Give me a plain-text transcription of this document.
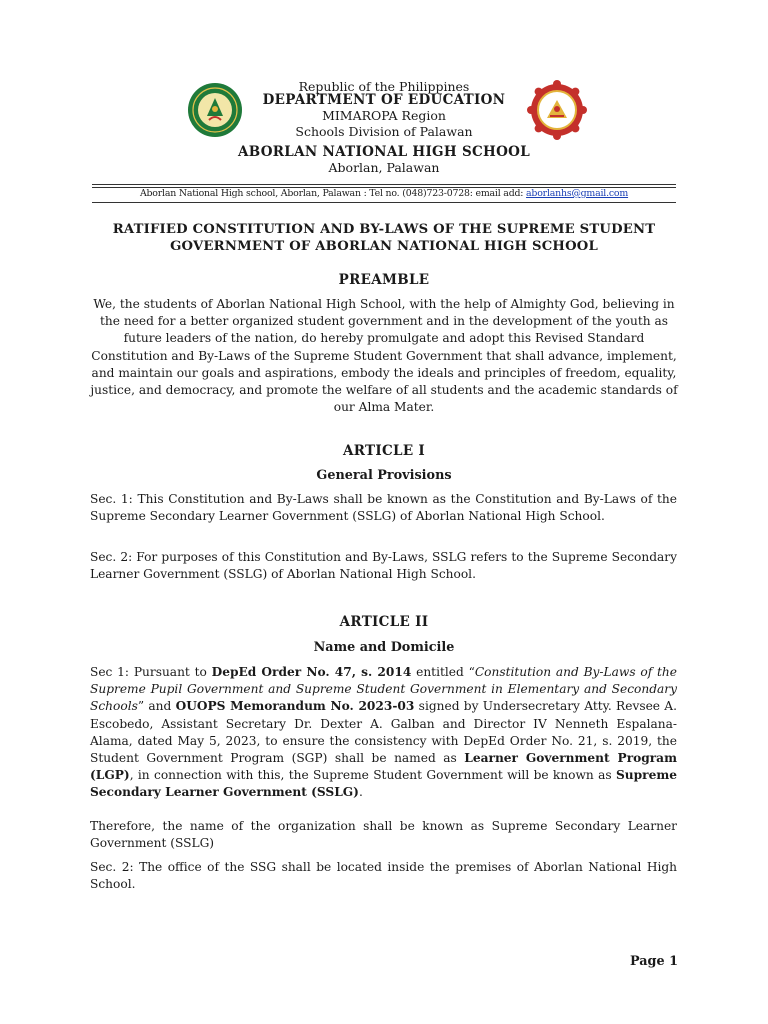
Republic of the Philippines
DEPARTMENT OF EDUCATION
MIMAROPA Region
Schools Division of Palawan
ABORLAN NATIONAL HIGH SCHOOL
Aborlan, Palawan
Aborlan National High school, Aborlan, Palawan : Tel no. (048)723-0728: email add: aborlanhs@gmail.com
RATIFIED CONSTITUTION AND BY-LAWS OF THE SUPREME STUDENT GOVERNMENT OF ABORLAN NATIONAL HIGH SCHOOL
PREAMBLE
We, the students of Aborlan National High School, with the help of Almighty God, believing in the need for a better organized student government and in the development of the youth as future leaders of the nation, do hereby promulgate and adopt this Revised Standard Constitution and By-Laws of the Supreme Student Government that shall advance, implement, and maintain our goals and aspirations, embody the ideals and principles of freedom, equality, justice, and democracy, and promote the welfare of all students and the academic standards of our Alma Mater.
ARTICLE I
General Provisions
Sec. 1: This Constitution and By-Laws shall be known as the Constitution and By-Laws of the Supreme Secondary Learner Government (SSLG) of Aborlan National High School.
Sec. 2: For purposes of this Constitution and By-Laws, SSLG refers to the Supreme Secondary Learner Government (SSLG) of Aborlan National High School.
ARTICLE II
Name and Domicile
Sec 1: Pursuant to DepEd Order No. 47, s. 2014 entitled “Constitution and By-Laws of the Supreme Pupil Government and Supreme Student Government in Elementary and Secondary Schools” and OUOPS Memorandum No. 2023-03 signed by Undersecretary Atty. Revsee A. Escobedo, Assistant Secretary Dr. Dexter A. Galban and Director IV Nenneth Espalana- Alama, dated May 5, 2023, to ensure the consistency with DepEd Order No. 21, s. 2019, the Student Government Program (SGP) shall be named as Learner Government Program (LGP), in connection with this, the Supreme Student Government will be known as Supreme Secondary Learner Government (SSLG).
Therefore, the name of the organization shall be known as Supreme Secondary Learner Government (SSLG)
Sec. 2: The office of the SSG shall be located inside the premises of Aborlan National High School.
Page 1
